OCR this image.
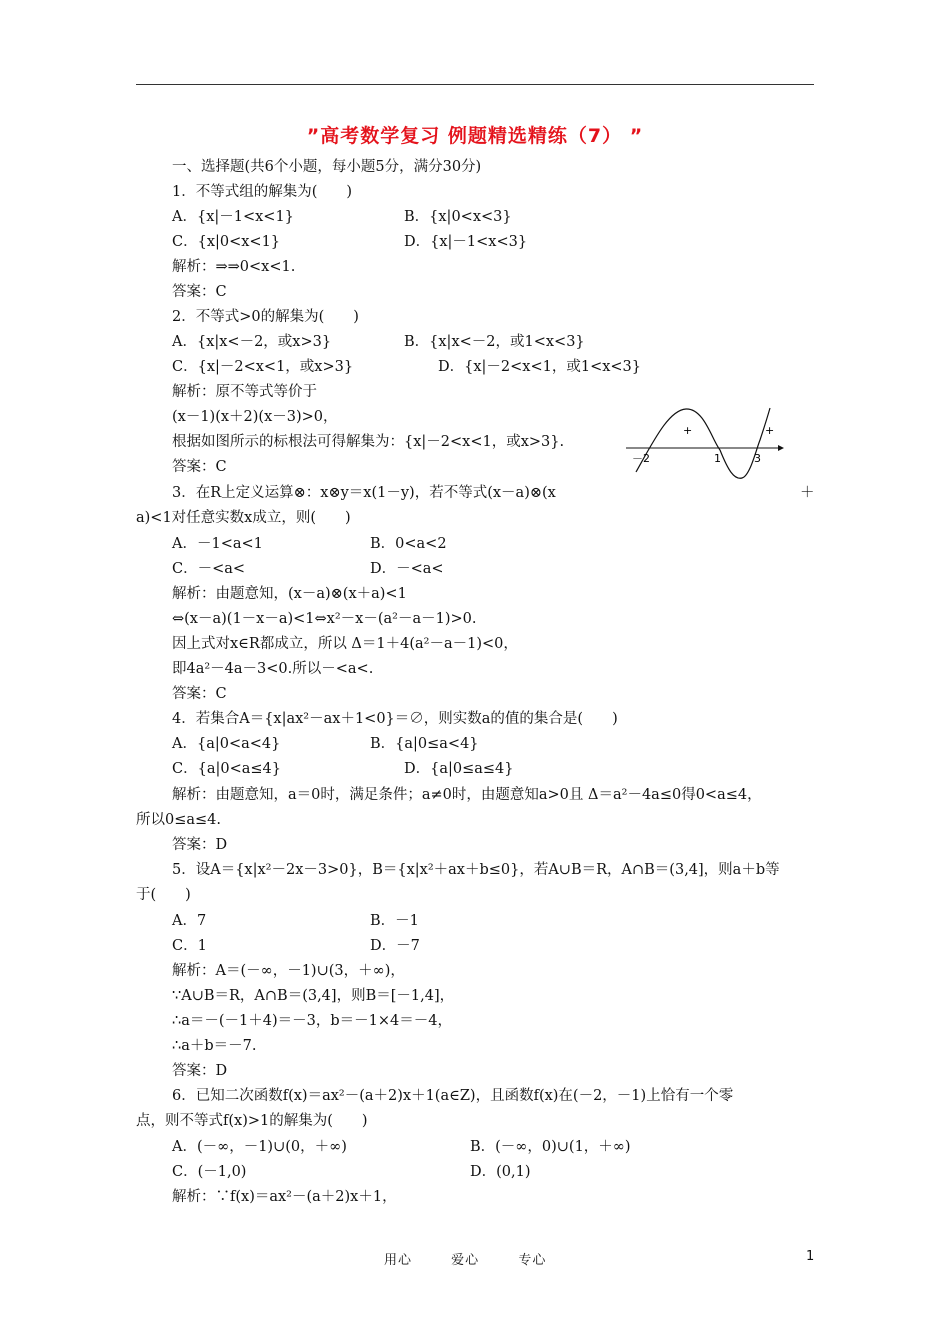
”高考数学复习 例题精选精练（7） ”
一、选择题(共6个小题，每小题5分，满分30分)
1．不等式组的解集为(　　)
A．{x|－1<x<1}	B．{x|0<x<3}
C．{x|0<x<1}	D．{x|－1<x<3}
解析：⇒⇒0<x<1.
答案：C
2．不等式>0的解集为(　　)
A．{x|x<－2，或x>3}	B．{x|x<－2，或1<x<3}
C．{x|－2<x<1，或x>3}	D．{x|－2<x<1，或1<x<3}
解析：原不等式等价于
(x－1)(x＋2)(x－3)>0，
根据如图所示的标根法可得解集为：{x|－2<x<1，或x>3}.
答案：C
3．在R上定义运算⊗：x⊗y＝x(1－y)，若不等式(x－a)⊗(x	＋
a)<1对任意实数x成立，则(　　)
A．－1<a<1	B．0<a<2
C．－<a<	D．－<a<
解析：由题意知，(x－a)⊗(x＋a)<1
⇔(x－a)(1－x－a)<1⇔x²－x－(a²－a－1)>0.
因上式对x∈R都成立，所以 Δ＝1＋4(a²－a－1)<0，
即4a²－4a－3<0.所以－<a<.
答案：C
4．若集合A＝{x|ax²－ax＋1<0}＝∅，则实数a的值的集合是(　　)
A．{a|0<a<4}	B．{a|0≤a<4}
C．{a|0<a≤4}	D．{a|0≤a≤4}
解析：由题意知，a＝0时，满足条件；a≠0时，由题意知a>0且 Δ＝a²－4a≤0得0<a≤4，
所以0≤a≤4.
答案：D
5．设A＝{x|x²－2x－3>0}，B＝{x|x²＋ax＋b≤0}，若A∪B＝R，A∩B＝(3,4]，则a＋b等
于(　　)
A．7	B．－1
C．1	D．－7
解析：A＝(－∞，－1)∪(3，＋∞)，
∵A∪B＝R，A∩B＝(3,4]，则B＝[－1,4]，
∴a＝－(－1＋4)＝－3，b＝－1×4＝－4，
∴a＋b＝－7.
答案：D
6．已知二次函数f(x)＝ax²－(a＋2)x＋1(a∈Z)，且函数f(x)在(－2，－1)上恰有一个零
点，则不等式f(x)>1的解集为(　　)
A．(－∞，－1)∪(0，＋∞)	B．(－∞，0)∪(1，＋∞)
C．(－1,0)	D．(0,1)
解析：∵f(x)＝ax²－(a＋2)x＋1，
－2	1	3
+	+
用心	爱心	专心	1
